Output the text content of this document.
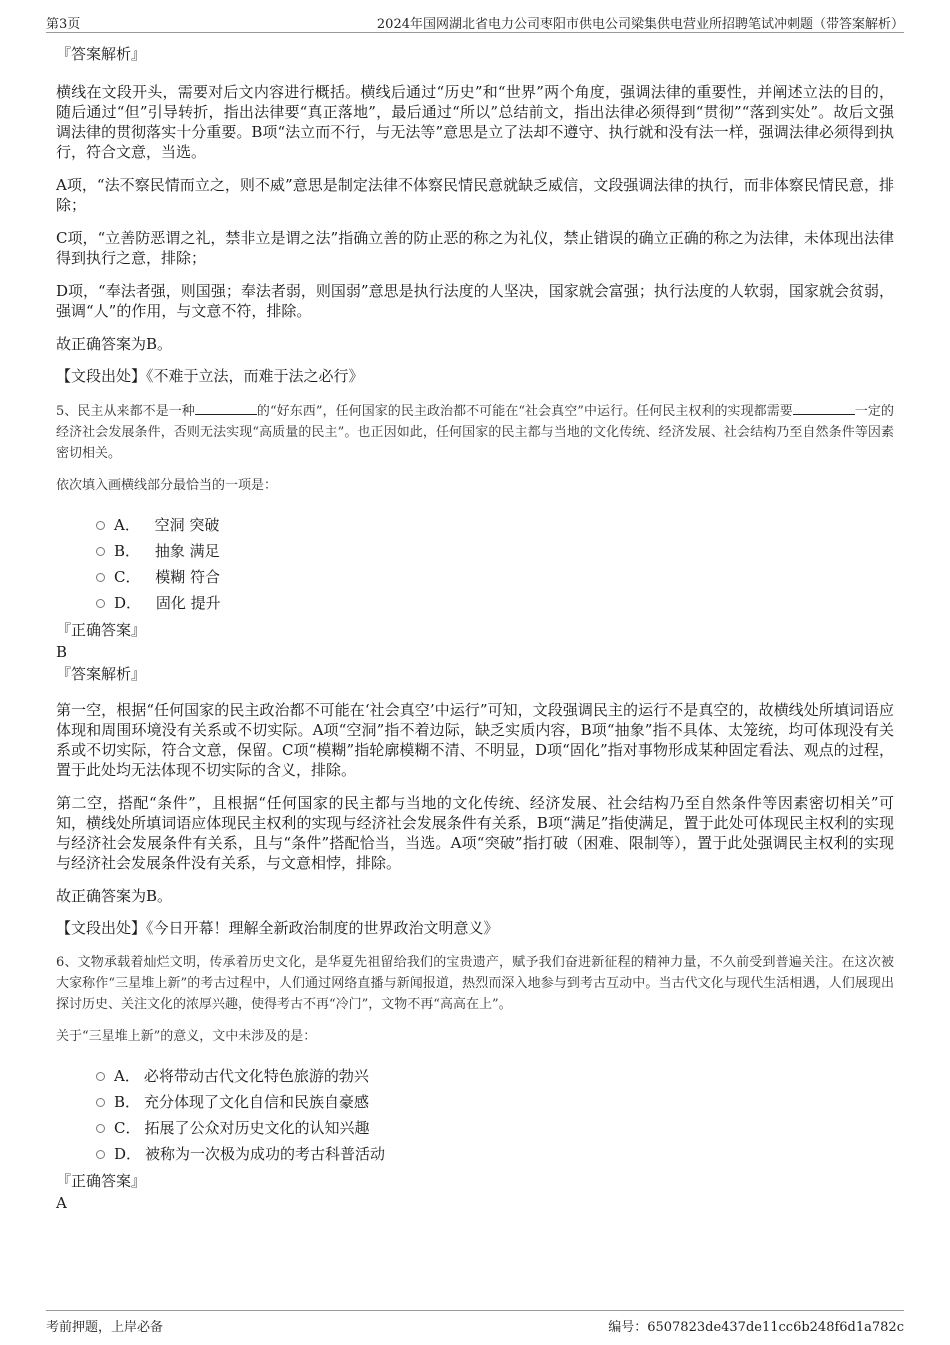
第3页	2024年国网湖北省电力公司枣阳市供电公司梁集供电营业所招聘笔试冲刺题（带答案解析）

『答案解析』

横线在文段开头，需要对后文内容进行概括。横线后通过“历史”和“世界”两个角度，强调法律的重要性，并阐述立法的目的，随后通过“但”引导转折，指出法律要“真正落地”，最后通过“所以”总结前文，指出法律必须得到“贯彻”“落到实处”。故后文强调法律的贯彻落实十分重要。B项“法立而不行，与无法等”意思是立了法却不遵守、执行就和没有法一样，强调法律必须得到执行，符合文意，当选。

A项，“法不察民情而立之，则不威”意思是制定法律不体察民情民意就缺乏威信，文段强调法律的执行，而非体察民情民意，排除；

C项，“立善防恶谓之礼，禁非立是谓之法”指确立善的防止恶的称之为礼仪，禁止错误的确立正确的称之为法律，未体现出法律得到执行之意，排除；

D项，“奉法者强，则国强；奉法者弱，则国弱”意思是执行法度的人坚决，国家就会富强；执行法度的人软弱，国家就会贫弱，强调“人”的作用，与文意不符，排除。

故正确答案为B。

【文段出处】《不难于立法，而难于法之必行》

5、民主从来都不是一种	的“好东西”，任何国家的民主政治都不可能在“社会真空”中运行。任何民主权利的实现都需要	一定的经济社会发展条件，否则无法实现“高质量的民主”。也正因如此，任何国家的民主都与当地的文化传统、经济发展、社会结构乃至自然条件等因素密切相关。

依次填入画横线部分最恰当的一项是：

A． 空洞 突破
B． 抽象 满足
C． 模糊 符合
D． 固化 提升

『正确答案』

B

『答案解析』

第一空，根据“任何国家的民主政治都不可能在‘社会真空’中运行”可知，文段强调民主的运行不是真空的，故横线处所填词语应体现和周围环境没有关系或不切实际。A项“空洞”指不着边际，缺乏实质内容，B项“抽象”指不具体、太笼统，均可体现没有关系或不切实际，符合文意，保留。C项“模糊”指轮廓模糊不清、不明显，D项“固化”指对事物形成某种固定看法、观点的过程，置于此处均无法体现不切实际的含义，排除。

第二空，搭配“条件”，且根据“任何国家的民主都与当地的文化传统、经济发展、社会结构乃至自然条件等因素密切相关”可知，横线处所填词语应体现民主权利的实现与经济社会发展条件有关系，B项“满足”指使满足，置于此处可体现民主权利的实现与经济社会发展条件有关系，且与“条件”搭配恰当，当选。A项“突破”指打破（困难、限制等），置于此处强调民主权利的实现与经济社会发展条件没有关系，与文意相悖，排除。

故正确答案为B。

【文段出处】《今日开幕！理解全新政治制度的世界政治文明意义》

6、文物承载着灿烂文明，传承着历史文化，是华夏先祖留给我们的宝贵遗产，赋予我们奋进新征程的精神力量，不久前受到普遍关注。在这次被大家称作“三星堆上新”的考古过程中，人们通过网络直播与新闻报道，热烈而深入地参与到考古互动中。当古代文化与现代生活相遇，人们展现出探讨历史、关注文化的浓厚兴趣，使得考古不再“冷门”，文物不再“高高在上”。

关于“三星堆上新”的意义，文中未涉及的是：

A． 必将带动古代文化特色旅游的勃兴
B． 充分体现了文化自信和民族自豪感
C． 拓展了公众对历史文化的认知兴趣
D． 被称为一次极为成功的考古科普活动

『正确答案』

A

考前押题，上岸必备	编号：6507823de437de11cc6b248f6d1a782c
